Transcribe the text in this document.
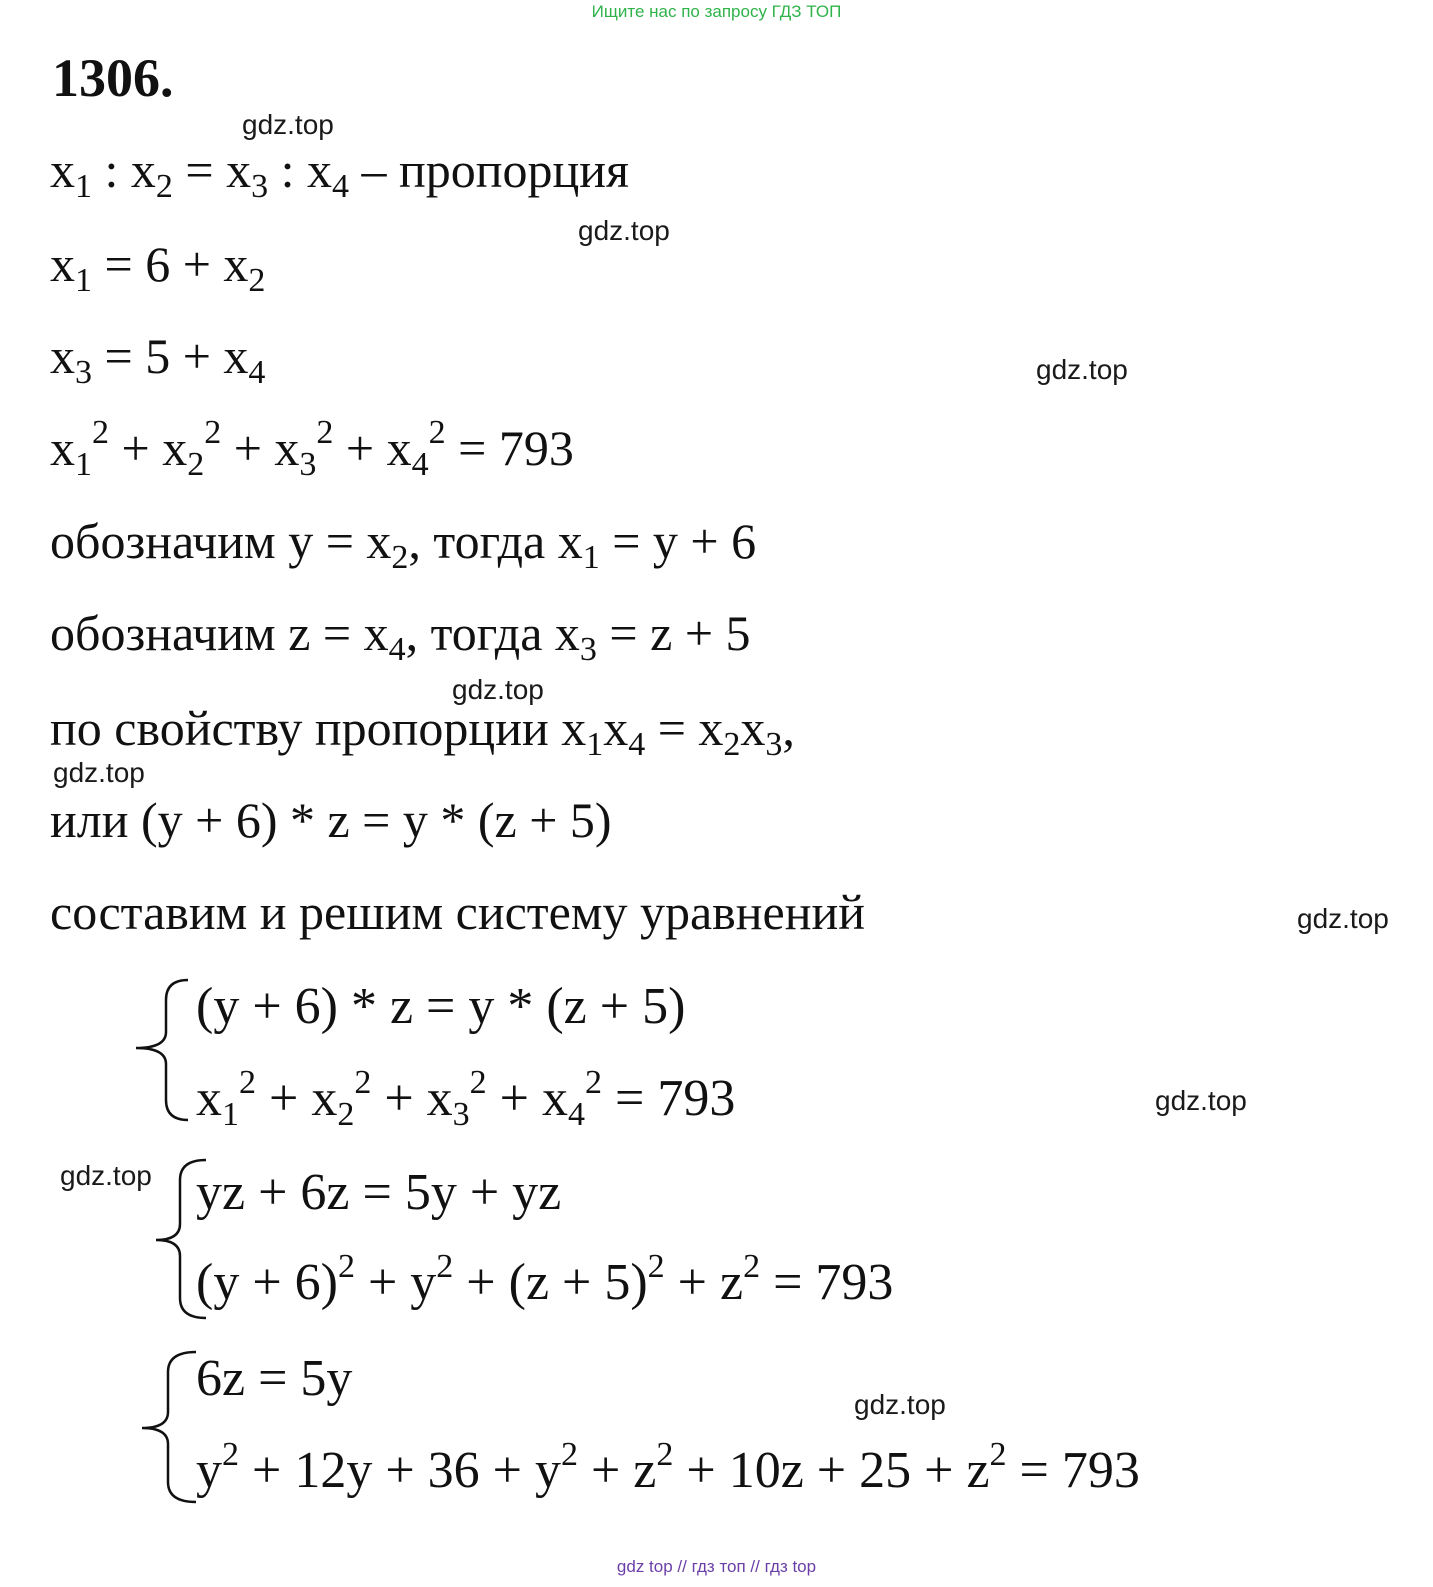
Ищите нас по запросу ГДЗ ТОП
1306.
gdz.top
gdz.top
gdz.top
gdz.top
gdz.top
gdz.top
gdz.top
gdz.top
gdz.top
$x_1$ : $x_2 = x_3$ : $x_4$ – пропорция
$x_1 = 6 + x_2$
$x_3 = 5 + x_4$
$x_1^2 + x_2^2 + x_3^2 + x_4^2 = 793$
обозначим $y = x_2$, тогда $x_1 = y + 6$
обозначим $z = x_4$, тогда $x_3 = z + 5$
по свойству пропорции $x_1x_4 = x_2x_3$,
или (y + 6) * z = y * (z + 5)
составим и решим систему уравнений
(y + 6) * z = y * (z + 5)
$x_1^2 + x_2^2 + x_3^2 + x_4^2 = 793$
yz + 6z = 5y + yz
$(y + 6)^2 + y^2 + (z + 5)^2 + z^2 = 793$
6z = 5y
$y^2 + 12y + 36 + y^2 + z^2 + 10z + 25 + z^2 = 793$
gdz top // гдз топ // гдз top
